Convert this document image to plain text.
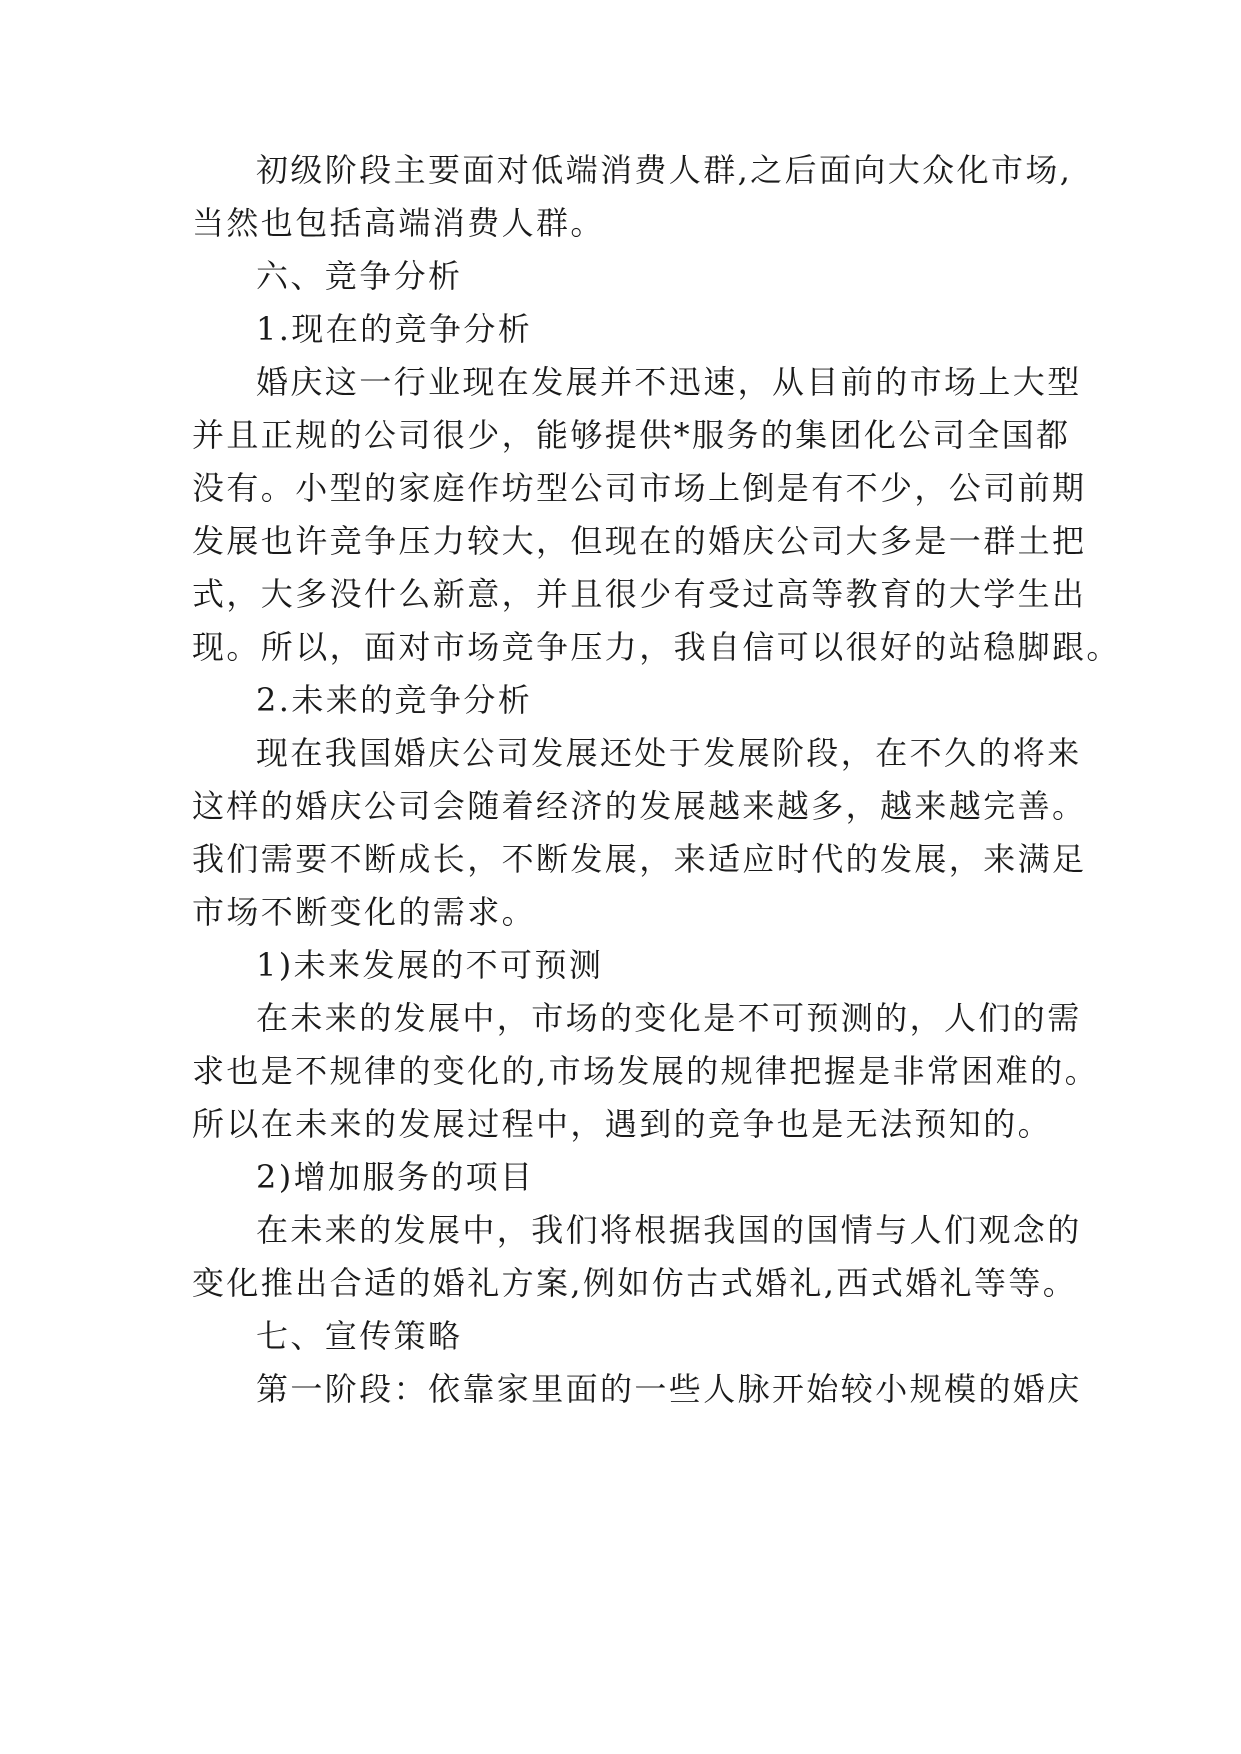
初级阶段主要面对低端消费人群,之后面向大众化市场,
当然也包括高端消费人群。
六、竞争分析
1.现在的竞争分析
婚庆这一行业现在发展并不迅速，从目前的市场上大型
并且正规的公司很少，能够提供*服务的集团化公司全国都
没有。小型的家庭作坊型公司市场上倒是有不少，公司前期
发展也许竞争压力较大，但现在的婚庆公司大多是一群土把
式，大多没什么新意，并且很少有受过高等教育的大学生出
现。所以，面对市场竞争压力，我自信可以很好的站稳脚跟。
2.未来的竞争分析
现在我国婚庆公司发展还处于发展阶段，在不久的将来
这样的婚庆公司会随着经济的发展越来越多，越来越完善。
我们需要不断成长，不断发展，来适应时代的发展，来满足
市场不断变化的需求。
1)未来发展的不可预测
在未来的发展中，市场的变化是不可预测的，人们的需
求也是不规律的变化的,市场发展的规律把握是非常困难的。
所以在未来的发展过程中，遇到的竞争也是无法预知的。
2)增加服务的项目
在未来的发展中，我们将根据我国的国情与人们观念的
变化推出合适的婚礼方案,例如仿古式婚礼,西式婚礼等等。
七、宣传策略
第一阶段：依靠家里面的一些人脉开始较小规模的婚庆
